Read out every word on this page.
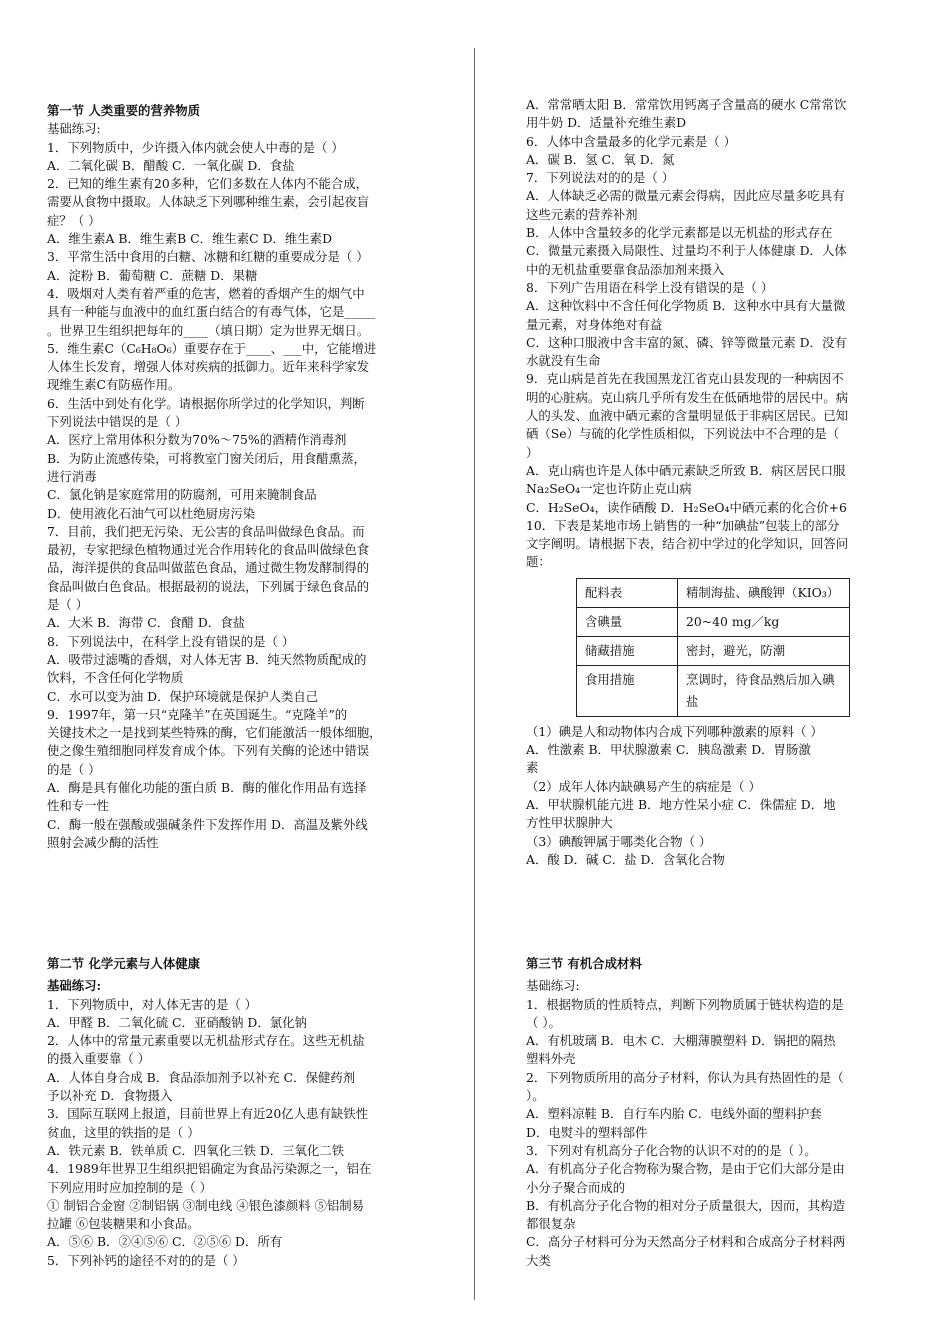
第一节 人类重要的营养物质

基础练习:

1．下列物质中，少许摄入体内就会使人中毒的是（ ）

A．二氧化碳 B．醋酸 C．一氧化碳 D．食盐

2．已知的维生素有20多种，它们多数在人体内不能合成，

需要从食物中摄取。人体缺乏下列哪种维生素，会引起夜盲

症？（ ）

A．维生素A B．维生素B C．维生素C D．维生素D

3．平常生活中食用的白糖、冰糖和红糖的重要成分是（ ）

A．淀粉 B．葡萄糖 C．蔗糖 D．果糖

4．吸烟对人类有着严重的危害，燃着的香烟产生的烟气中

具有一种能与血液中的血红蛋白结合的有毒气体，它是_____

。世界卫生组织把每年的____（填日期）定为世界无烟日。

5．维生素C（C₆H₈O₆）重要存在于____、___中，它能增进

人体生长发育，增强人体对疾病的抵御力。近年来科学家发

现维生素C有防癌作用。

6．生活中到处有化学。请根据你所学过的化学知识，判断

下列说法中错误的是（ ）

A．医疗上常用体积分数为70%～75%的酒精作消毒剂

B．为防止流感传染，可将教室门窗关闭后，用食醋熏蒸，

进行消毒

C．氯化钠是家庭常用的防腐剂，可用来腌制食品

D．使用液化石油气可以杜绝厨房污染

7．目前，我们把无污染、无公害的食品叫做绿色食品。而

最初，专家把绿色植物通过光合作用转化的食品叫做绿色食

品，海洋提供的食品叫做蓝色食品，通过微生物发酵制得的

食品叫做白色食品。根据最初的说法，下列属于绿色食品的

是（ ）

A．大米 B．海带 C．食醋 D．食盐

8．下列说法中，在科学上没有错误的是（ ）

A．吸带过滤嘴的香烟，对人体无害 B．纯天然物质配成的

饮料，不含任何化学物质

C．水可以变为油 D．保护环境就是保护人类自己

9．1997年，第一只“克隆羊”在英国诞生。“克隆羊”的

关键技术之一是找到某些特殊的酶，它们能激活一般体细胞，

使之像生殖细胞同样发育成个体。下列有关酶的论述中错误

的是（ ）

A．酶是具有催化功能的蛋白质 B．酶的催化作用品有选择

性和专一性

C．酶一般在强酸或强碱条件下发挥作用 D．高温及紫外线

照射会减少酶的活性

A．常常晒太阳 B．常常饮用钙离子含量高的硬水 C常常饮

用牛奶 D．适量补充维生素D

6．人体中含量最多的化学元素是（ ）

A．碳 B．氢 C．氧 D．氮

7．下列说法对的的是（ ）

A．人体缺乏必需的微量元素会得病，因此应尽量多吃具有

这些元素的营养补剂

B．人体中含量较多的化学元素都是以无机盐的形式存在

C．微量元素摄入局限性、过量均不利于人体健康 D．人体

中的无机盐重要靠食品添加剂来摄入

8．下列广告用语在科学上没有错误的是（ ）

A．这种饮料中不含任何化学物质 B．这种水中具有大量微

量元素，对身体绝对有益

C．这种口服液中含丰富的氮、磷、锌等微量元素 D．没有

水就没有生命

9．克山病是首先在我国黑龙江省克山县发现的一种病因不

明的心脏病。克山病几乎所有发生在低硒地带的居民中。病

人的头发、血液中硒元素的含量明显低于非病区居民。已知

硒（Se）与硫的化学性质相似，下列说法中不合理的是（

）

A．克山病也许是人体中硒元素缺乏所致 B．病区居民口服

Na₂SeO₄一定也许防止克山病

C．H₂SeO₄，读作硒酸 D．H₂SeO₄中硒元素的化合价+6

10．下表是某地市场上销售的一种“加碘盐”包装上的部分

文字阐明。请根据下表，结合初中学过的化学知识，回答问

题：

配料表	精制海盐、碘酸钾（KIO₃）
含碘量	20~40 mg／kg
储藏措施	密封，避光，防潮
食用措施	烹调时，待食品熟后加入碘盐

（1）碘是人和动物体内合成下列哪种激素的原料（ ）

A．性激素 B．甲状腺激素 C．胰岛激素 D．胃肠激

素

（2）成年人体内缺碘易产生的病症是（ ）

A．甲状腺机能亢进 B．地方性呆小症 C．侏儒症 D．地

方性甲状腺肿大

（3）碘酸钾属于哪类化合物（ ）

A．酸 D．碱 C．盐 D．含氧化合物

第二节 化学元素与人体健康

基础练习:

1．下列物质中，对人体无害的是（ ）

A．甲醛 B．二氧化硫 C．亚硝酸钠 D．氯化钠

2．人体中的常量元素重要以无机盐形式存在。这些无机盐

的摄入重要靠（ ）

A．人体自身合成 B．食品添加剂予以补充 C．保健药剂

予以补充 D．食物摄入

3．国际互联网上报道，目前世界上有近20亿人患有缺铁性

贫血，这里的铁指的是（ ）

A．铁元素 B．铁单质 C．四氧化三铁 D．三氧化二铁

4．1989年世界卫生组织把铝确定为食品污染源之一，铝在

下列应用时应加控制的是（ ）

① 制铝合金窗 ②制铝锅 ③制电线 ④银色漆颜料 ⑤铝制易

拉罐 ⑥包装糖果和小食品。

A．⑤⑥ B．②④⑤⑥ C．②⑤⑥ D．所有

5．下列补钙的途径不对的的是（ ）

第三节 有机合成材料

基础练习:

1．根据物质的性质特点，判断下列物质属于链状构造的是

（ ）。

A．有机玻璃 B．电木 C．大棚薄膜塑料 D．锅把的隔热

塑料外壳

2．下列物质所用的高分子材料，你认为具有热固性的是（

）。

A．塑料凉鞋 B．自行车内胎 C．电线外面的塑料护套

D．电熨斗的塑料部件

3．下列对有机高分子化合物的认识不对的的是（ ）。

A．有机高分子化合物称为聚合物，是由于它们大部分是由

小分子聚合而成的

B．有机高分子化合物的相对分子质量很大，因而，其构造

都很复杂

C．高分子材料可分为天然高分子材料和合成高分子材料两

大类
